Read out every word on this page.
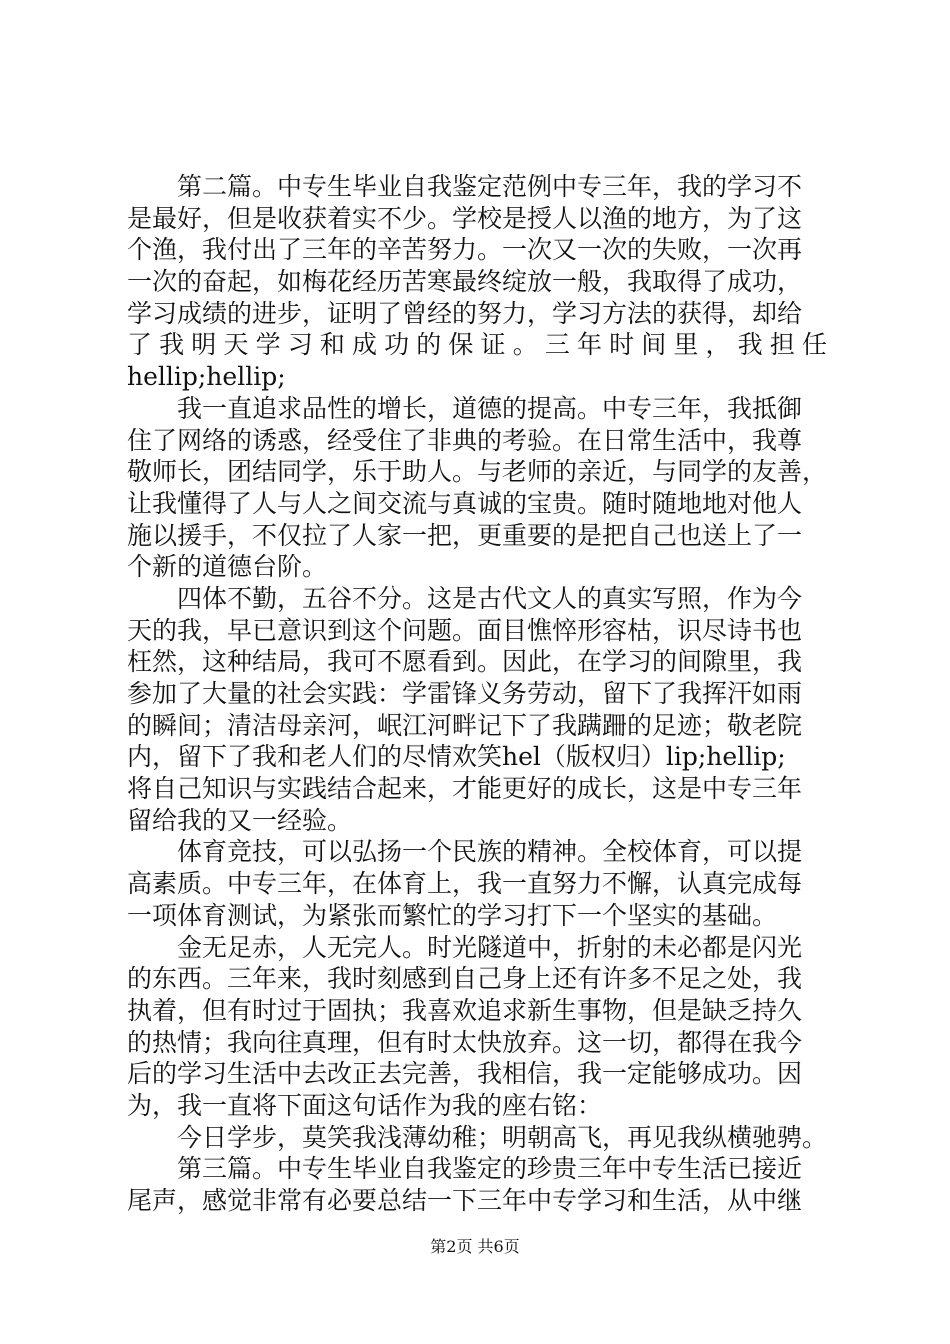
　　第二篇。中专生毕业自我鉴定范例中专三年，我的学习不
是最好，但是收获着实不少。学校是授人以渔的地方，为了这
个渔，我付出了三年的辛苦努力。一次又一次的失败，一次再
一次的奋起，如梅花经历苦寒最终绽放一般，我取得了成功，
学习成绩的进步，证明了曾经的努力，学习方法的获得，却给
了 我 明 天 学 习 和 成 功 的 保 证 。 三 年 时 间 里 ， 我 担 任
hellip;hellip;
　　我一直追求品性的增长，道德的提高。中专三年，我抵御
住了网络的诱惑，经受住了非典的考验。在日常生活中，我尊
敬师长，团结同学，乐于助人。与老师的亲近，与同学的友善，
让我懂得了人与人之间交流与真诚的宝贵。随时随地地对他人
施以援手，不仅拉了人家一把，更重要的是把自己也送上了一
个新的道德台阶。
　　四体不勤，五谷不分。这是古代文人的真实写照，作为今
天的我，早已意识到这个问题。面目憔悴形容枯，识尽诗书也
枉然，这种结局，我可不愿看到。因此，在学习的间隙里，我
参加了大量的社会实践：学雷锋义务劳动，留下了我挥汗如雨
的瞬间；清洁母亲河，岷江河畔记下了我蹒跚的足迹；敬老院
内，留下了我和老人们的尽情欢笑hel（版权归）lip;hellip;
将自己知识与实践结合起来，才能更好的成长，这是中专三年
留给我的又一经验。
　　体育竞技，可以弘扬一个民族的精神。全校体育，可以提
高素质。中专三年，在体育上，我一直努力不懈，认真完成每
一项体育测试，为紧张而繁忙的学习打下一个坚实的基础。
　　金无足赤，人无完人。时光隧道中，折射的未必都是闪光
的东西。三年来，我时刻感到自己身上还有许多不足之处，我
执着，但有时过于固执；我喜欢追求新生事物，但是缺乏持久
的热情；我向往真理，但有时太快放弃。这一切，都得在我今
后的学习生活中去改正去完善，我相信，我一定能够成功。因
为，我一直将下面这句话作为我的座右铭：
　　今日学步，莫笑我浅薄幼稚；明朝高飞，再见我纵横驰骋。
　　第三篇。中专生毕业自我鉴定的珍贵三年中专生活已接近
尾声，感觉非常有必要总结一下三年中专学习和生活，从中继
第2页 共6页
